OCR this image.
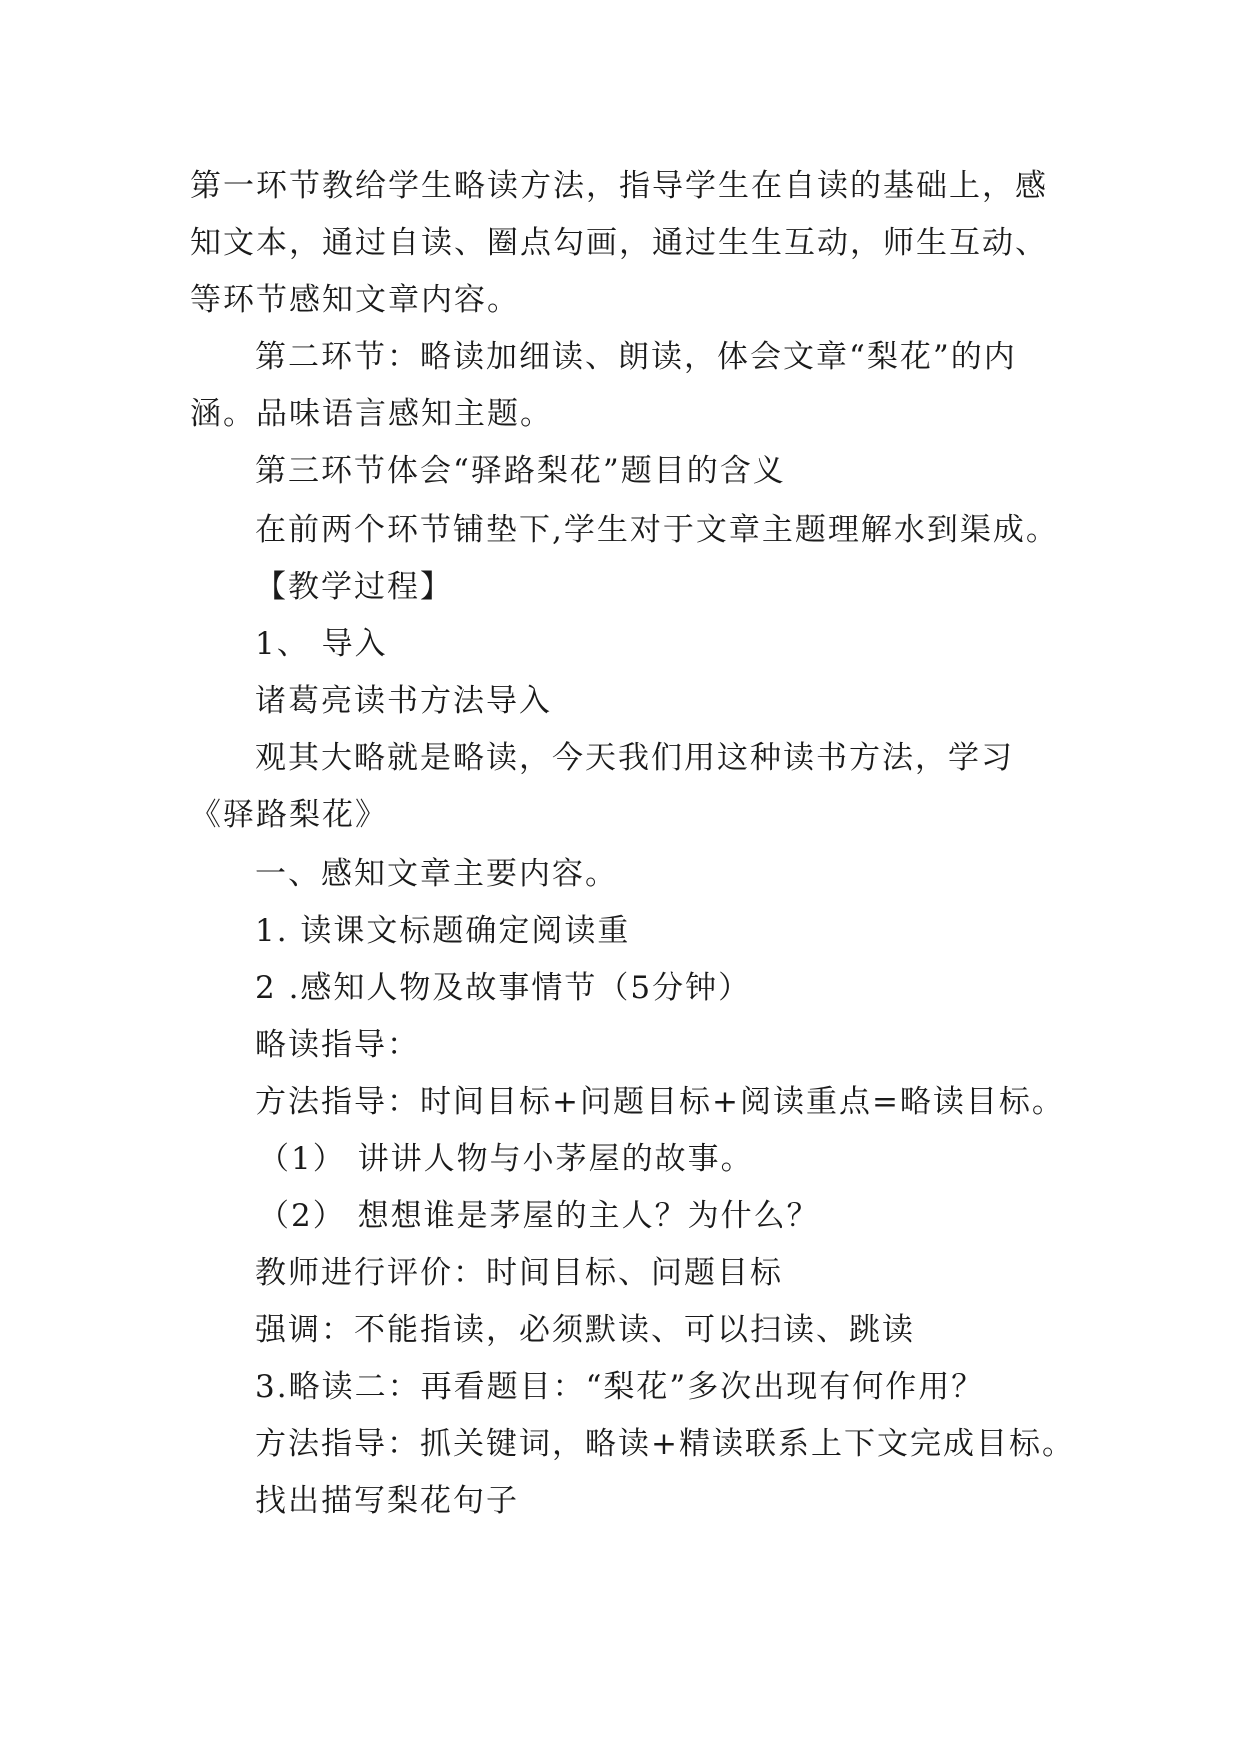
第一环节教给学生略读方法，指导学生在自读的基础上，感
知文本，通过自读、圈点勾画，通过生生互动，师生互动、
等环节感知文章内容。
第二环节：略读加细读、朗读，体会文章“梨花”的内
涵。品味语言感知主题。
第三环节体会“驿路梨花”题目的含义
在前两个环节铺垫下,学生对于文章主题理解水到渠成。
【教学过程】
1、 导入
诸葛亮读书方法导入
观其大略就是略读，今天我们用这种读书方法，学习
《驿路梨花》
一、感知文章主要内容。
1. 读课文标题确定阅读重
2 .感知人物及故事情节（5分钟）
略读指导：
方法指导：时间目标+问题目标+阅读重点=略读目标。
（1） 讲讲人物与小茅屋的故事。
（2） 想想谁是茅屋的主人？为什么？
教师进行评价：时间目标、问题目标
强调：不能指读，必须默读、可以扫读、跳读
3.略读二：再看题目：“梨花”多次出现有何作用？
方法指导：抓关键词，略读+精读联系上下文完成目标。
找出描写梨花句子
